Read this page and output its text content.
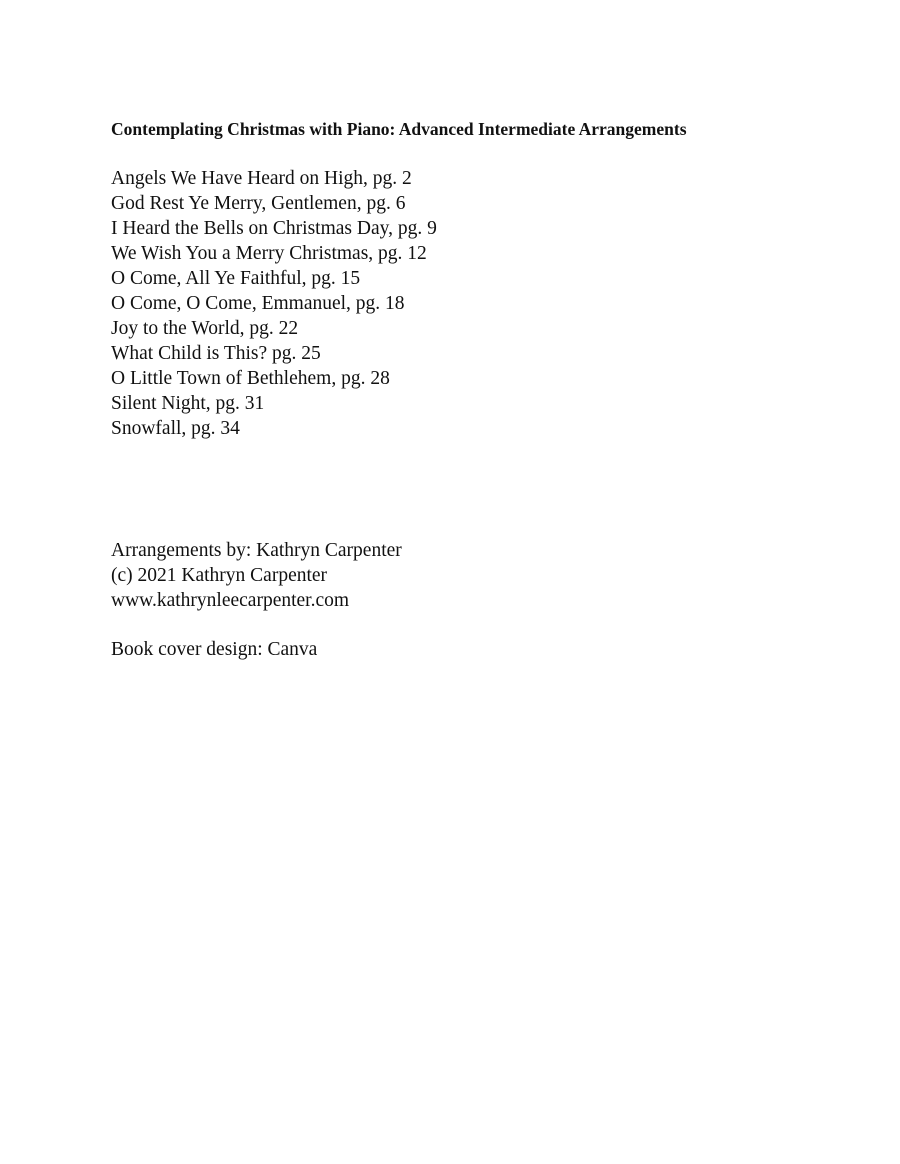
Contemplating Christmas with Piano: Advanced Intermediate Arrangements
Angels We Have Heard on High, pg. 2
God Rest Ye Merry, Gentlemen, pg. 6
I Heard the Bells on Christmas Day, pg. 9
We Wish You a Merry Christmas, pg. 12
O Come, All Ye Faithful, pg. 15
O Come, O Come, Emmanuel, pg. 18
Joy to the World, pg. 22
What Child is This? pg. 25
O Little Town of Bethlehem, pg. 28
Silent Night, pg. 31
Snowfall, pg. 34
Arrangements by: Kathryn Carpenter
(c) 2021 Kathryn Carpenter
www.kathrynleecarpenter.com
Book cover design: Canva
